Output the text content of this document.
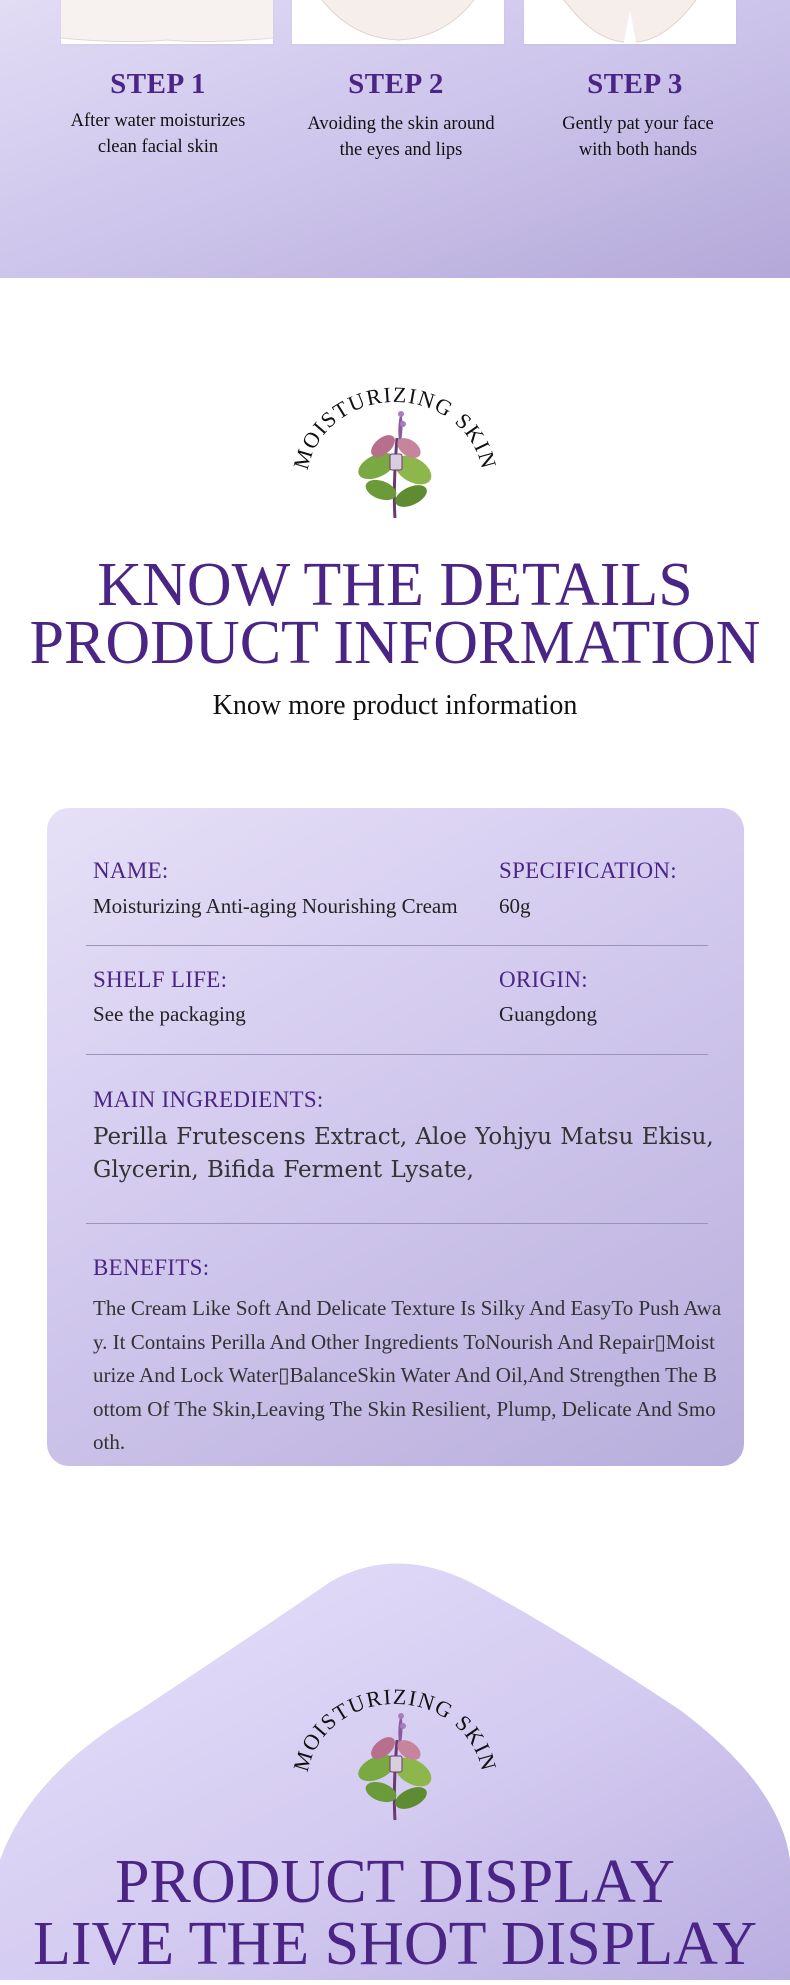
STEP 1
After water moisturizes
clean facial skin
STEP 2
Avoiding the skin around
the eyes and lips
STEP 3
Gently pat your face
with both hands
MOISTURIZING SKIN
KNOW THE DETAILS
PRODUCT INFORMATION
Know more product information
NAME:
Moisturizing Anti-aging Nourishing Cream
SPECIFICATION:
60g
SHELF LIFE:
See the packaging
ORIGIN:
Guangdong
MAIN INGREDIENTS:
Perilla Frutescens Extract, Aloe Yohjyu Matsu Ekisu,
Glycerin, Bifida Ferment Lysate,
BENEFITS:
The Cream Like Soft And Delicate Texture Is Silky And EasyTo Push Away. It Contains Perilla And Other Ingredients ToNourish And Repair▯Moisturize And Lock Water▯BalanceSkin Water And Oil,And Strengthen The Bottom Of The Skin,Leaving The Skin Resilient, Plump, Delicate And Smooth.
MOISTURIZING SKIN
PRODUCT DISPLAY
LIVE THE SHOT DISPLAY
